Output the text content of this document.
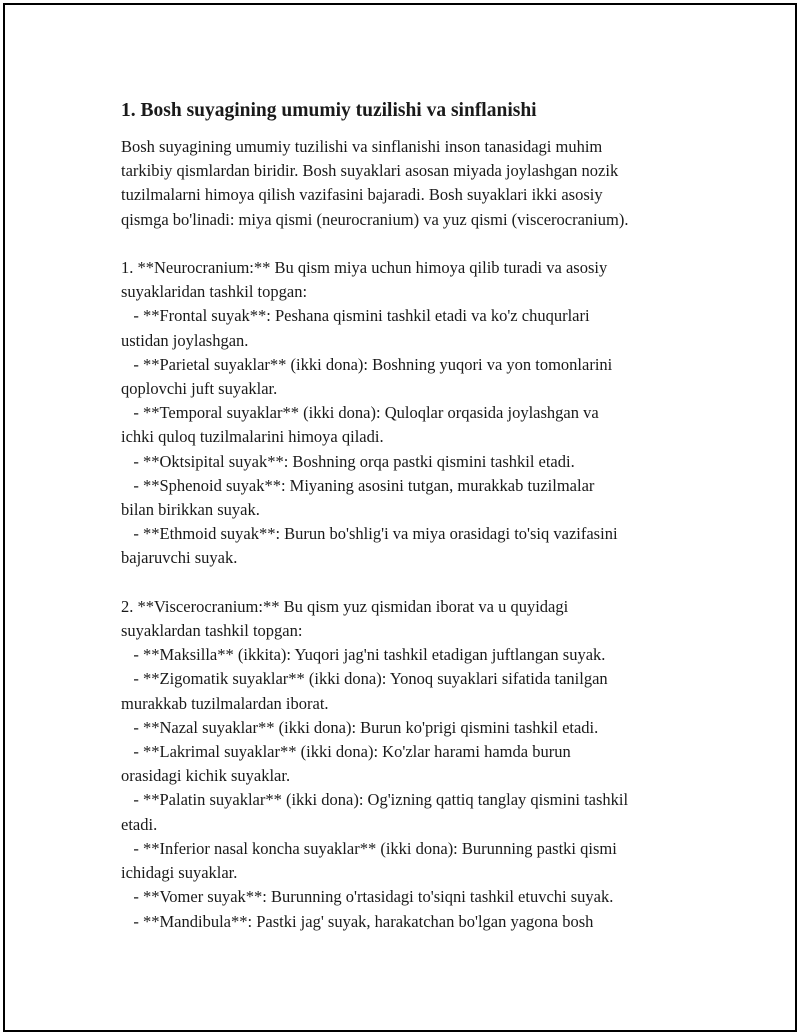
1. Bosh suyagining umumiy tuzilishi va sinflanishi
Bosh suyagining umumiy tuzilishi va sinflanishi inson tanasidagi muhim
tarkibiy qismlardan biridir. Bosh suyaklari asosan miyada joylashgan nozik
tuzilmalarni himoya qilish vazifasini bajaradi. Bosh suyaklari ikki asosiy
qismga bo'linadi: miya qismi (neurocranium) va yuz qismi (viscerocranium).

1. **Neurocranium:** Bu qism miya uchun himoya qilib turadi va asosiy
suyaklaridan tashkil topgan:
- **Frontal suyak**: Peshana qismini tashkil etadi va ko'z chuqurlari
ustidan joylashgan.
- **Parietal suyaklar** (ikki dona): Boshning yuqori va yon tomonlarini
qoplovchi juft suyaklar.
- **Temporal suyaklar** (ikki dona): Quloqlar orqasida joylashgan va
ichki quloq tuzilmalarini himoya qiladi.
- **Oktsipital suyak**: Boshning orqa pastki qismini tashkil etadi.
- **Sphenoid suyak**: Miyaning asosini tutgan, murakkab tuzilmalar
bilan birikkan suyak.
- **Ethmoid suyak**: Burun bo'shlig'i va miya orasidagi to'siq vazifasini
bajaruvchi suyak.

2. **Viscerocranium:** Bu qism yuz qismidan iborat va u quyidagi
suyaklardan tashkil topgan:
- **Maksilla** (ikkita): Yuqori jag'ni tashkil etadigan juftlangan suyak.
- **Zigomatik suyaklar** (ikki dona): Yonoq suyaklari sifatida tanilgan
murakkab tuzilmalardan iborat.
- **Nazal suyaklar** (ikki dona): Burun ko'prigi qismini tashkil etadi.
- **Lakrimal suyaklar** (ikki dona): Ko'zlar harami hamda burun
orasidagi kichik suyaklar.
- **Palatin suyaklar** (ikki dona): Og'izning qattiq tanglay qismini tashkil
etadi.
- **Inferior nasal koncha suyaklar** (ikki dona): Burunning pastki qismi
ichidagi suyaklar.
- **Vomer suyak**: Burunning o'rtasidagi to'siqni tashkil etuvchi suyak.
- **Mandibula**: Pastki jag' suyak, harakatchan bo'lgan yagona bosh
